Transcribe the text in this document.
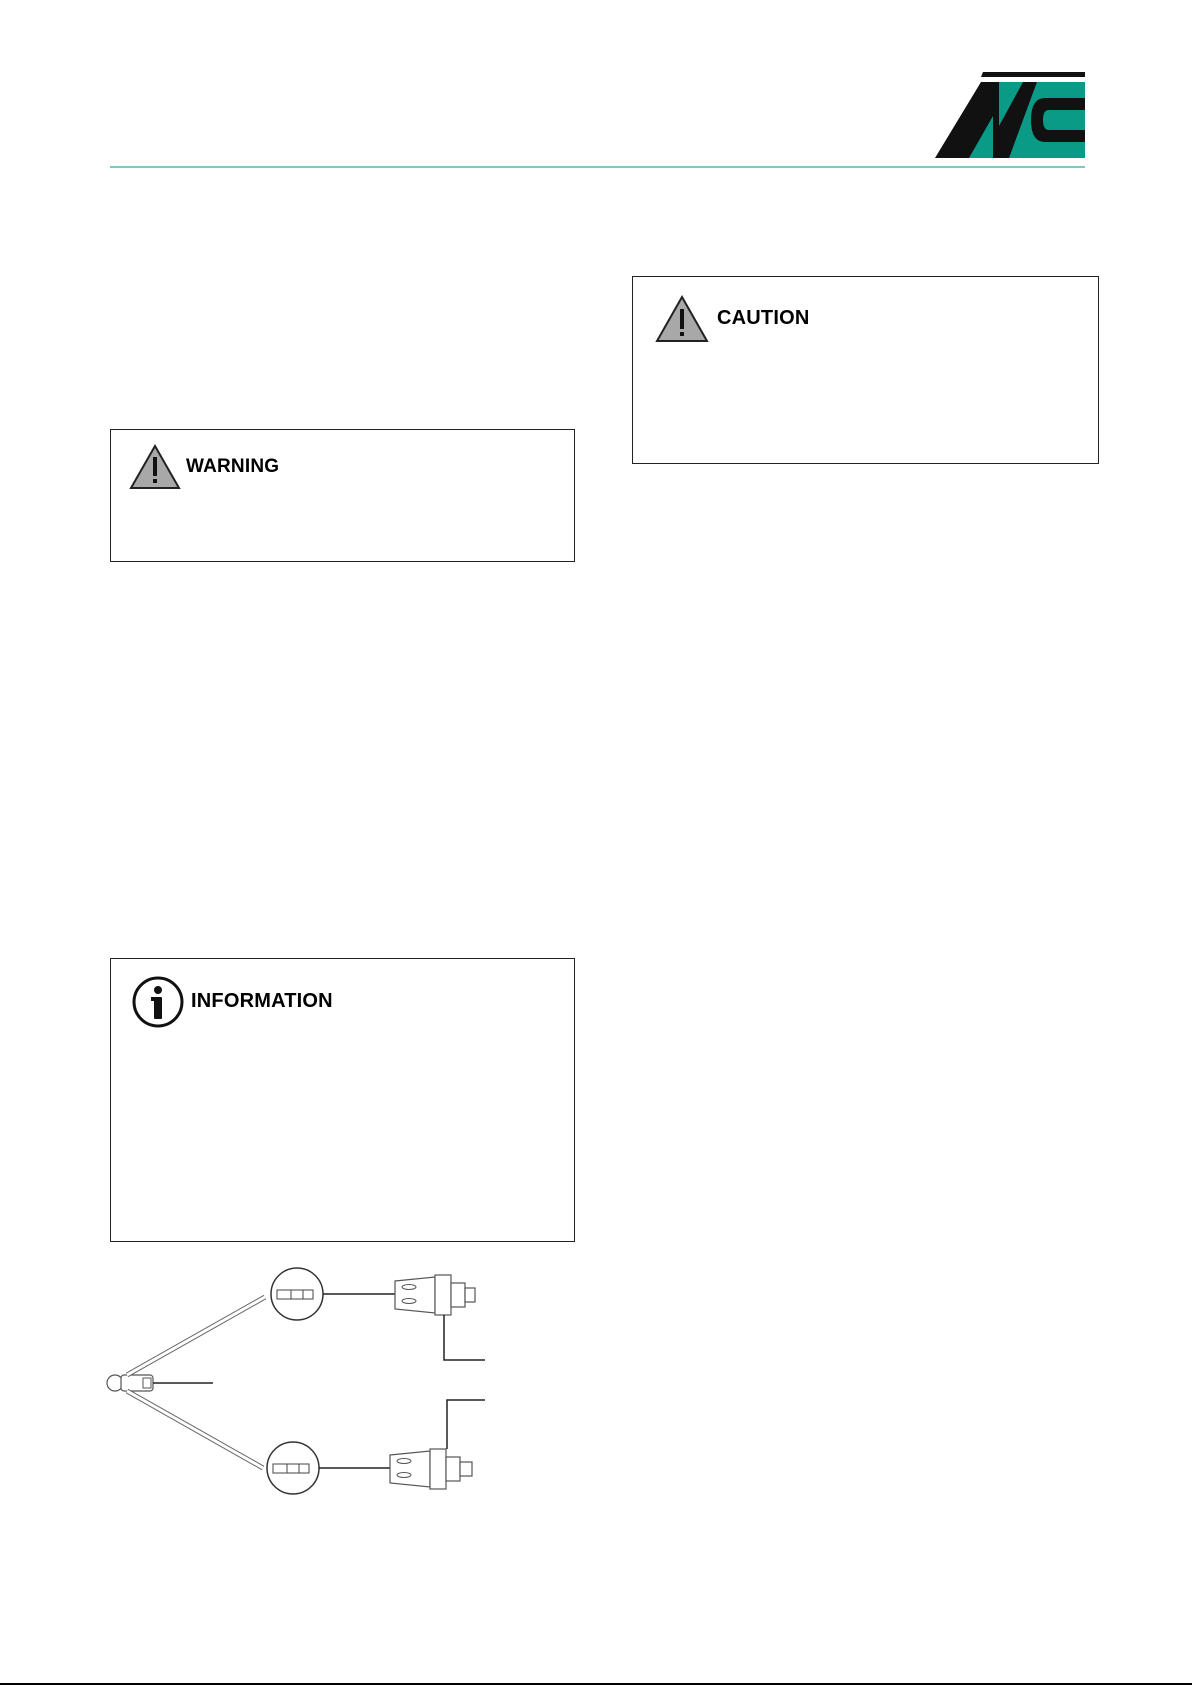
CAUTION
WARNING
INFORMATION
